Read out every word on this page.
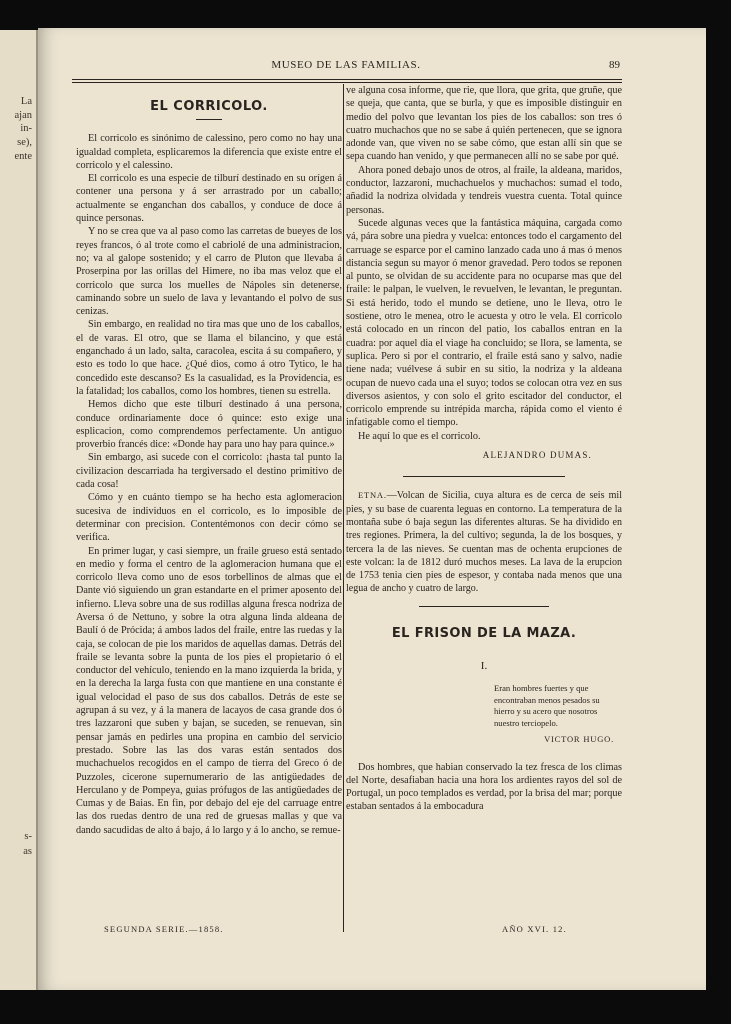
La
ajan
in-
se),
ente
s-
as
MUSEO DE LAS FAMILIAS.	89
EL CORRICOLO.

El corricolo es sinónimo de calessino, pero como no hay una igualdad completa, esplicaremos la diferencia que existe entre el corricolo y el calessino.

El corricolo es una especie de tilburí destinado en su orígen á contener una persona y á ser arrastrado por un caballo; actualmente se enganchan dos caballos, y conduce de doce á quince personas.

Y no se crea que va al paso como las carretas de bueyes de los reyes francos, ó al trote como el cabriolé de una administracion, no; va al galope sostenido; y el carro de Pluton que llevaba á Proserpina por las orillas del Himere, no iba mas veloz que el corricolo que surca los muelles de Nápoles sin detenerse, caminando sobre un suelo de lava y levantando el polvo de sus cenizas.

Sin embargo, en realidad no tira mas que uno de los caballos, el de varas. El otro, que se llama el bilancino, y que está enganchado á un lado, salta, caracolea, escita á su compañero, y esto es todo lo que hace. ¿Qué dios, como á otro Tytico, le ha concedido este descanso? Es la casualidad, es la Providencia, es la fatalidad; los caballos, como los hombres, tienen su estrella.

Hemos dicho que este tilburí destinado á una persona, conduce ordinariamente doce ó quince: esto exige una esplicacion, como comprendemos perfectamente. Un antiguo proverbio francés dice: «Donde hay para uno hay para quince.»

Sin embargo, asi sucede con el corricolo: ¡hasta tal punto la civilizacion descarriada ha tergiversado el destino primitivo de cada cosa!

Cómo y en cuánto tiempo se ha hecho esta aglomeracion sucesiva de individuos en el corricolo, es lo imposible de determinar con precision. Contentémonos con decir cómo se verifica.

En primer lugar, y casi siempre, un fraile grueso está sentado en medio y forma el centro de la aglomeracion humana que el corricolo lleva como uno de esos torbellinos de almas que el Dante vió siguiendo un gran estandarte en el primer aposento del infierno. Lleva sobre una de sus rodillas alguna fresca nodriza de Aversa ó de Nettuno, y sobre la otra alguna linda aldeana de Baulí ó de Prócida; á ambos lados del fraile, entre las ruedas y la caja, se colocan de pie los maridos de aquellas damas. Detrás del fraile se levanta sobre la punta de los pies el propietario ó el conductor del vehículo, teniendo en la mano izquierda la brida, y en la derecha la larga fusta con que mantiene en una constante é igual velocidad el paso de sus dos caballos. Detrás de este se agrupan á su vez, y á la manera de lacayos de casa grande dos ó tres lazzaroni que suben y bajan, se suceden, se renuevan, sin pensar jamás en pedirles una propina en cambio del servicio prestado. Sobre las las dos varas están sentados dos muchachuelos recogidos en el campo de tierra del Greco ó de Puzzoles, cicerone supernumerario de las antigüedades de Herculano y de Pompeya, guias prófugos de las antigüedades de Cumas y de Baias. En fin, por debajo del eje del carruage entre las dos ruedas dentro de una red de gruesas mallas y que va dando sacudidas de alto á bajo, á lo largo y á lo ancho, se remue-

ve alguna cosa informe, que rie, que llora, que grita, que gruñe, que se queja, que canta, que se burla, y que es imposible distinguir en medio del polvo que levantan los pies de los caballos: son tres ó cuatro muchachos que no se sabe á quién pertenecen, que se ignora adonde van, que viven no se sabe cómo, que estan allí sin que se sepa cuando han venido, y que permanecen allí no se sabe por qué.

Ahora poned debajo unos de otros, al fraile, la aldeana, maridos, conductor, lazzaroni, muchachuelos y muchachos: sumad el todo, añadid la nodriza olvidada y tendreis vuestra cuenta. Total quince personas.

Sucede algunas veces que la fantástica máquina, cargada como vá, pára sobre una piedra y vuelca: entonces todo el cargamento del carruage se esparce por el camino lanzado cada uno á mas ó menos distancia segun su mayor ó menor gravedad. Pero todos se reponen al punto, se olvidan de su accidente para no ocuparse mas que del fraile: le palpan, le vuelven, le revuelven, le levantan, le preguntan. Si está herido, todo el mundo se detiene, uno le lleva, otro le sostiene, otro le menea, otro le acuesta y otro le vela. El corricolo está colocado en un rincon del patio, los caballos entran en la cuadra: por aquel dia el viage ha concluido; se llora, se lamenta, se suplica. Pero si por el contrario, el fraile está sano y salvo, nadie tiene nada; vuélvese á subir en su sitio, la nodriza y la aldeana ocupan de nuevo cada una el suyo; todos se colocan otra vez en sus diversos asientos, y con solo el grito escitador del conductor, el corricolo emprende su intrépida marcha, rápida como el viento é infatigable como el tiempo.

He aquí lo que es el corricolo.

ALEJANDRO DUMAS.

ETNA.—Volcan de Sicilia, cuya altura es de cerca de seis mil pies, y su base de cuarenta leguas en contorno. La temperatura de la montaña sube ó baja segun las diferentes alturas. Se ha dividido en tres regiones. Primera, la del cultivo; segunda, la de los bosques, y tercera la de las nieves. Se cuentan mas de ochenta erupciones de este volcan: la de 1812 duró muchos meses. La lava de la erupcion de 1753 tenia cien pies de espesor, y contaba nada menos que una legua de ancho y cuatro de largo.

EL FRISON DE LA MAZA.
I.
Eran hombres fuertes y que encontraban menos pesados su hierro y su acero que nosotros nuestro terciopelo.
VICTOR HUGO.

Dos hombres, que habian conservado la tez fresca de los climas del Norte, desafiaban hacia una hora los ardientes rayos del sol de Portugal, un poco templados es verdad, por la brisa del mar; porque estaban sentados á la embocadura

SEGUNDA SERIE.—1858.	AÑO XVI. 12.
